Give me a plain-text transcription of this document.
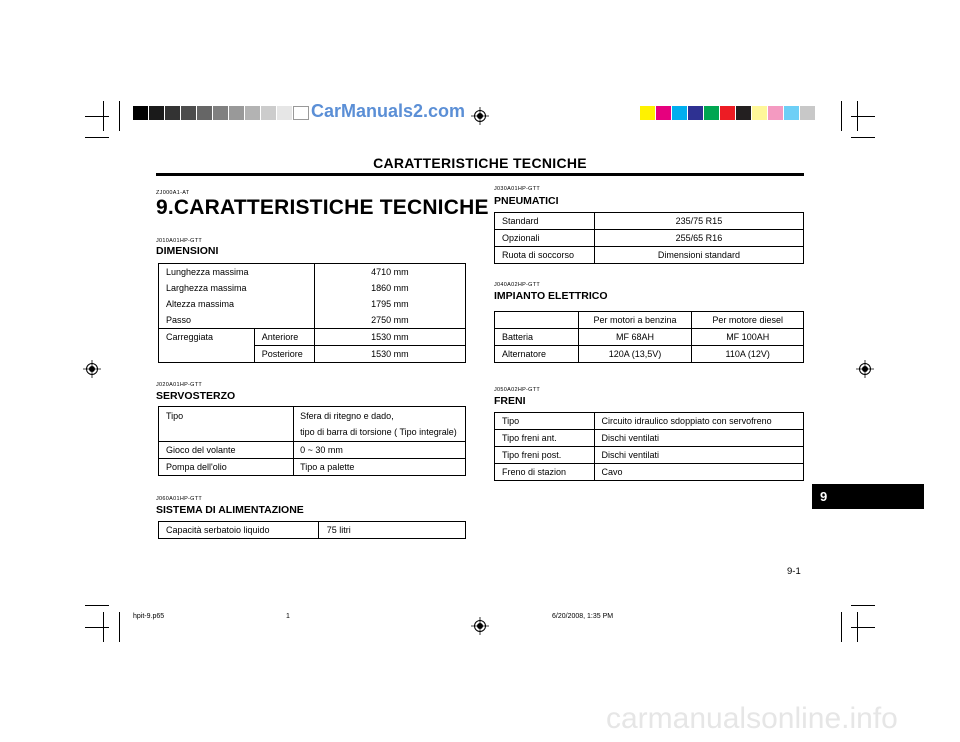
CarManuals2.com
CARATTERISTICHE TECNICHE
ZJ000A1-AT
9.CARATTERISTICHE TECNICHE
J010A01HP-GTT
DIMENSIONI
Lunghezza massima		4710 mm
Larghezza massima		1860 mm
Altezza massima		1795 mm
Passo		2750 mm
Carreggiata	Anteriore	1530 mm
	Posteriore	1530 mm
J020A01HP-GTT
SERVOSTERZO
Tipo	Sfera di ritegno e dado,
tipo di barra di torsione ( Tipo integrale)

Gioco del volante	0 ~ 30 mm
Pompa dell'olio	Tipo a palette
J060A01HP-GTT
SISTEMA DI ALIMENTAZIONE
Capacità serbatoio liquido	75 litri
J030A01HP-GTT
PNEUMATICI
Standard	235/75 R15
Opzionali	255/65 R16
Ruota di soccorso	Dimensioni standard
J040A02HP-GTT
IMPIANTO ELETTRICO
	Per motori a benzina	Per motore diesel
Batteria	MF 68AH	MF 100AH
Alternatore	120A (13,5V)	110A (12V)
J050A02HP-GTT
FRENI
Tipo	Circuito idraulico sdoppiato con servofreno
Tipo freni ant.	Dischi ventilati
Tipo freni post.	Dischi ventilati
Freno di stazion	Cavo
9
9-1
hpit-9.p65	1	6/20/2008, 1:35 PM
carmanualsonline.info
